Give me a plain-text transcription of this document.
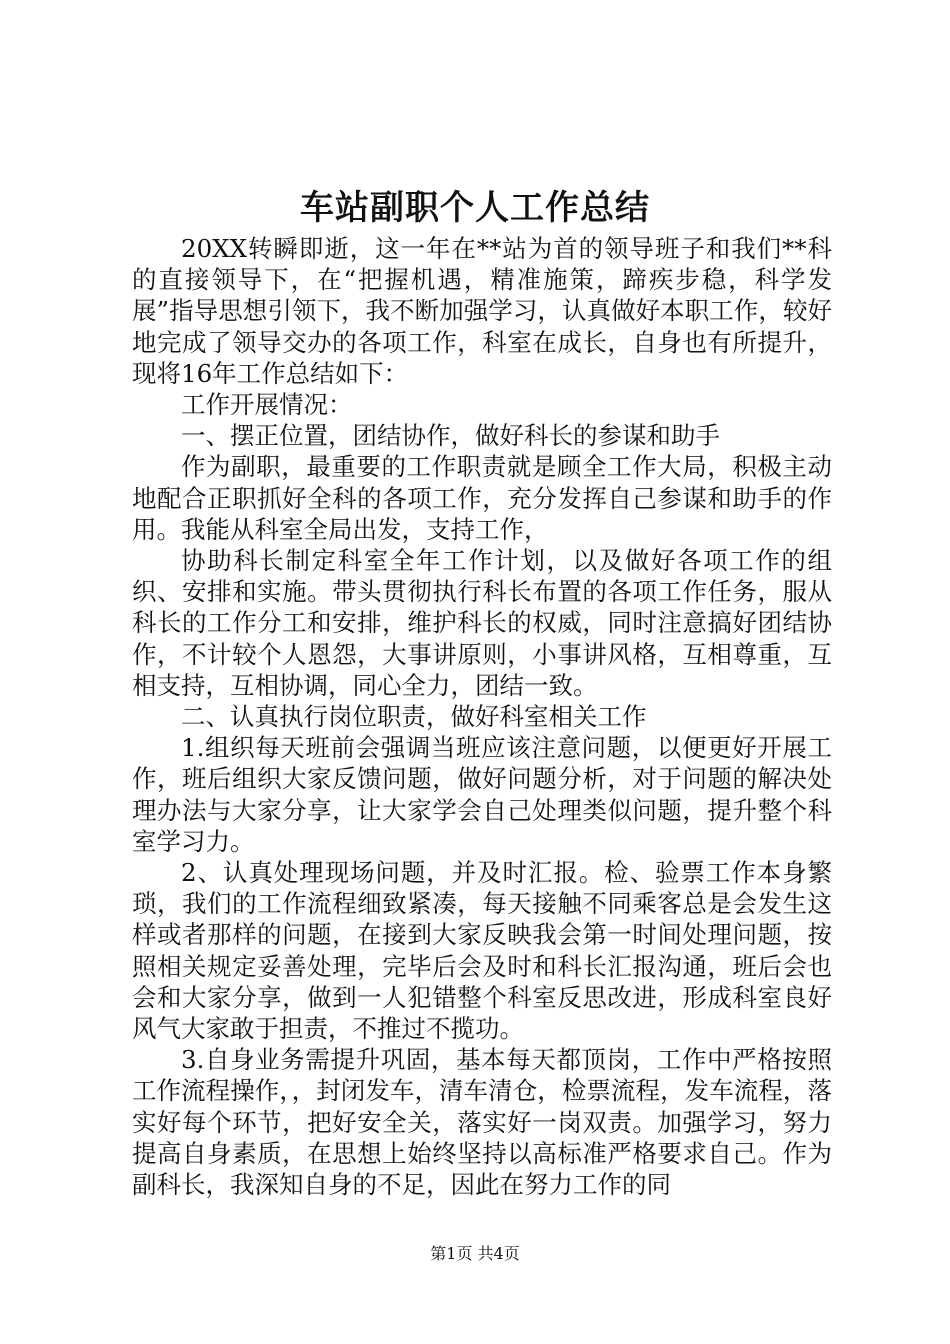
车站副职个人工作总结

20XX转瞬即逝，这一年在**站为首的领导班子和我们**科的直接领导下，在“把握机遇，精准施策，蹄疾步稳，科学发展”指导思想引领下，我不断加强学习，认真做好本职工作，较好地完成了领导交办的各项工作，科室在成长，自身也有所提升，现将16年工作总结如下：

工作开展情况：

一、摆正位置，团结协作，做好科长的参谋和助手

作为副职，最重要的工作职责就是顾全工作大局，积极主动地配合正职抓好全科的各项工作，充分发挥自己参谋和助手的作用。我能从科室全局出发，支持工作，

协助科长制定科室全年工作计划，以及做好各项工作的组织、安排和实施。带头贯彻执行科长布置的各项工作任务，服从科长的工作分工和安排，维护科长的权威，同时注意搞好团结协作，不计较个人恩怨，大事讲原则，小事讲风格，互相尊重，互相支持，互相协调，同心全力，团结一致。

二、认真执行岗位职责，做好科室相关工作

1.组织每天班前会强调当班应该注意问题，以便更好开展工作，班后组织大家反馈问题，做好问题分析，对于问题的解决处理办法与大家分享，让大家学会自己处理类似问题，提升整个科室学习力。

2、认真处理现场问题，并及时汇报。检、验票工作本身繁琐，我们的工作流程细致紧凑，每天接触不同乘客总是会发生这样或者那样的问题，在接到大家反映我会第一时间处理问题，按照相关规定妥善处理，完毕后会及时和科长汇报沟通，班后会也会和大家分享，做到一人犯错整个科室反思改进，形成科室良好风气大家敢于担责，不推过不揽功。

3.自身业务需提升巩固，基本每天都顶岗，工作中严格按照工作流程操作，，封闭发车，清车清仓，检票流程，发车流程，落实好每个环节，把好安全关，落实好一岗双责。加强学习，努力提高自身素质，在思想上始终坚持以高标准严格要求自己。作为副科长，我深知自身的不足，因此在努力工作的同

第1页 共4页
